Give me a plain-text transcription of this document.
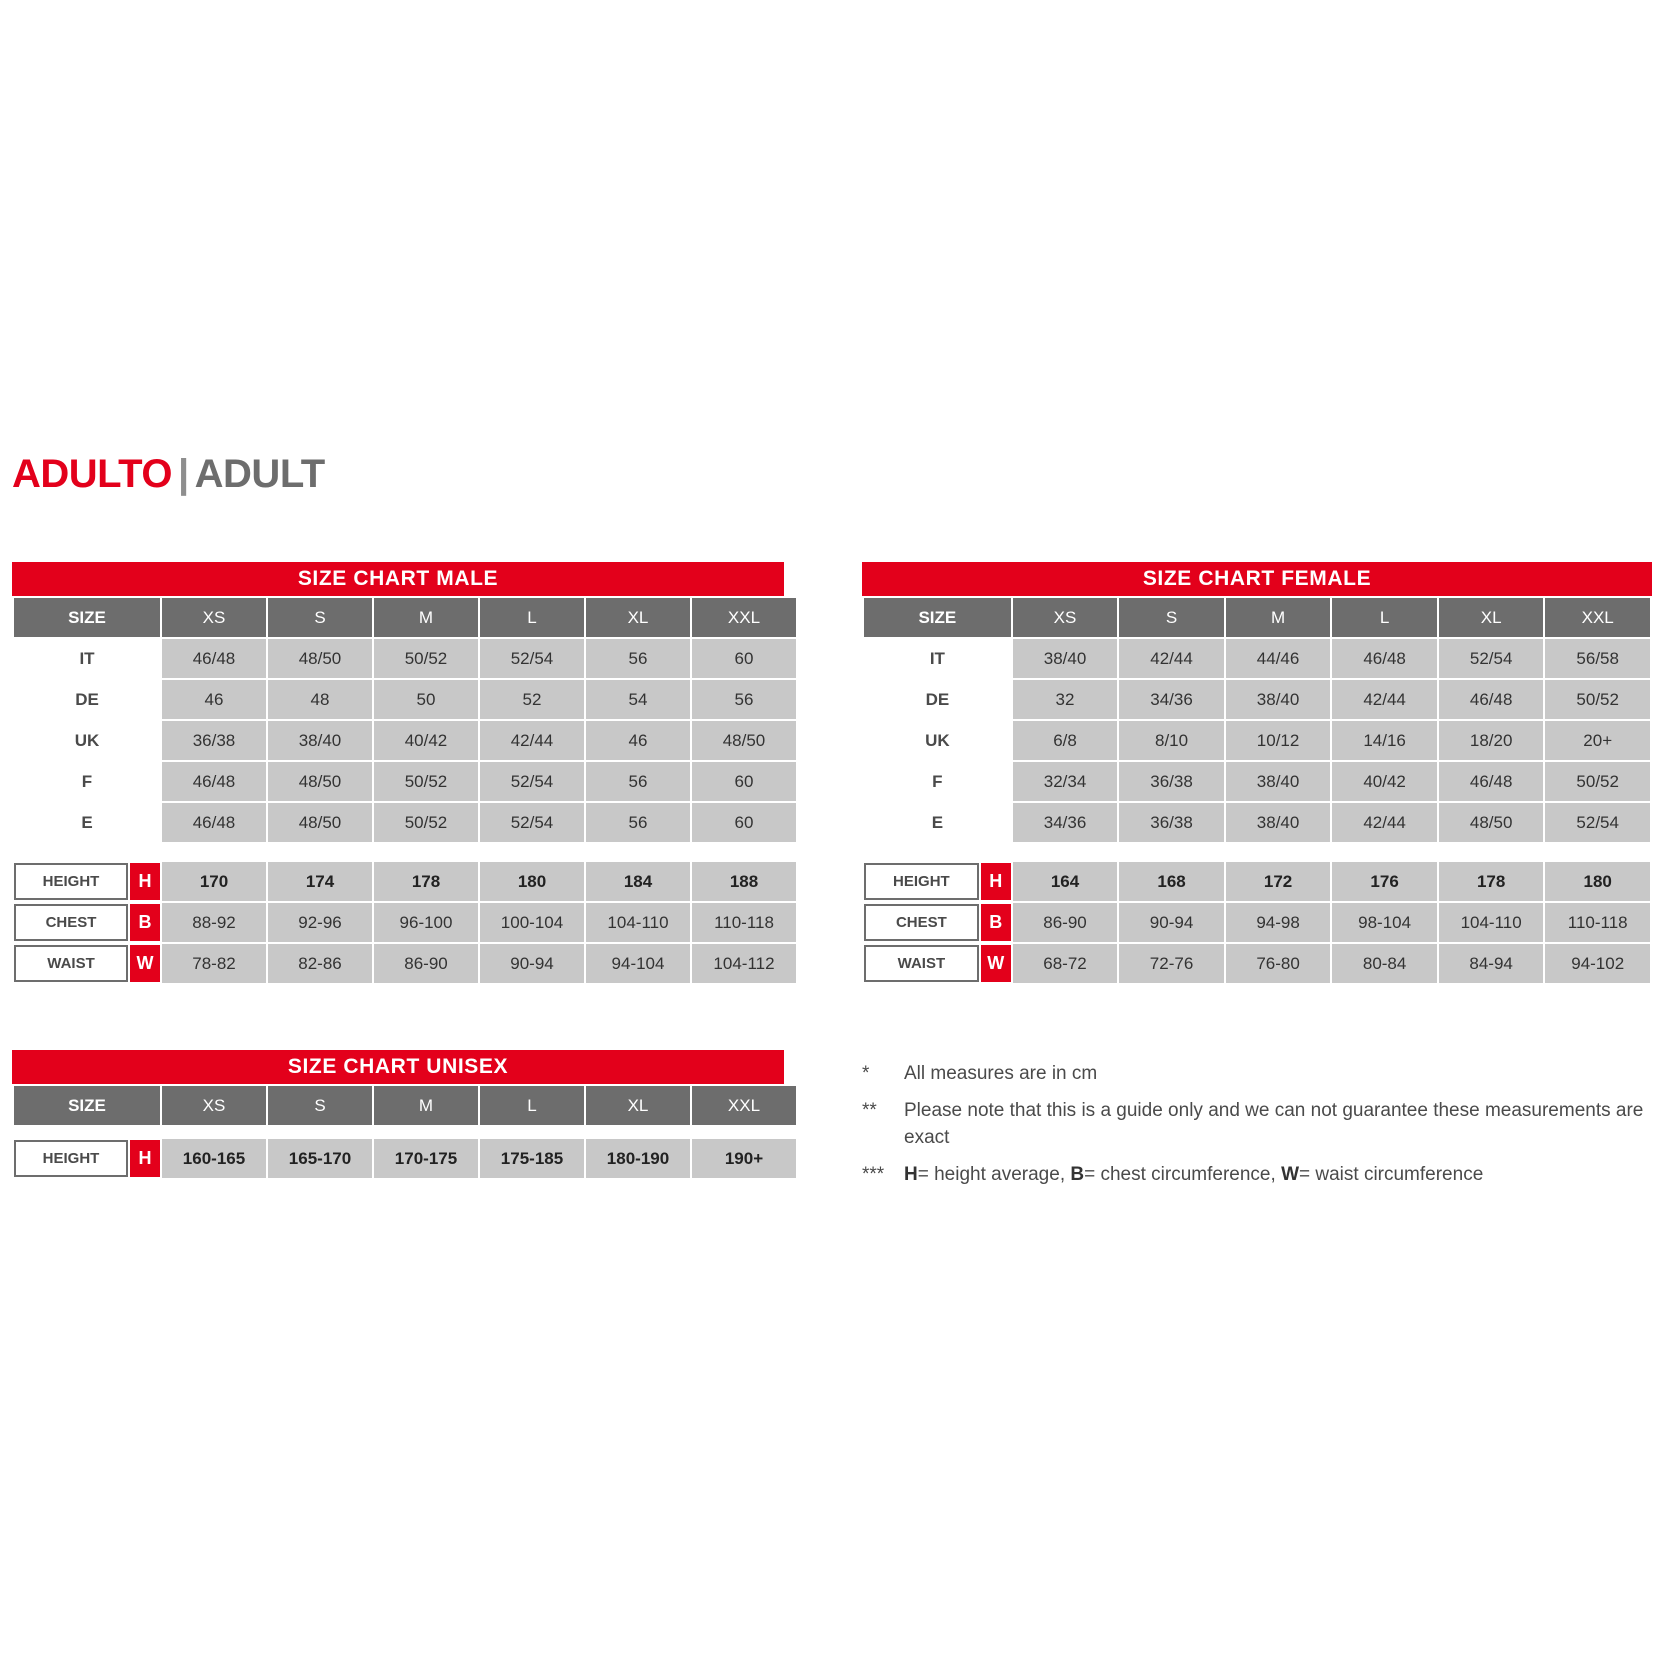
ADULTO | ADULT
SIZE CHART MALE
SIZE	XS	S	M	L	XL	XXL
IT	46/48	48/50	50/52	52/54	56	60
DE	46	48	50	52	54	56
UK	36/38	38/40	40/42	42/44	46	48/50
F	46/48	48/50	50/52	52/54	56	60
E	46/48	48/50	50/52	52/54	56	60

HEIGHT H	170	174	178	180	184	188

CHEST B	88-92	92-96	96-100	100-104	104-110	110-118

WAIST W	78-82	82-86	86-90	90-94	94-104	104-112
SIZE CHART FEMALE
SIZE	XS	S	M	L	XL	XXL
IT	38/40	42/44	44/46	46/48	52/54	56/58
DE	32	34/36	38/40	42/44	46/48	50/52
UK	6/8	8/10	10/12	14/16	18/20	20+
F	32/34	36/38	38/40	40/42	46/48	50/52
E	34/36	36/38	38/40	42/44	48/50	52/54

HEIGHT H	164	168	172	176	178	180

CHEST B	86-90	90-94	94-98	98-104	104-110	110-118

WAIST W	68-72	72-76	76-80	80-84	84-94	94-102
SIZE CHART UNISEX
SIZE	XS	S	M	L	XL	XXL

HEIGHT H	160-165	165-170	170-175	175-185	180-190	190+
*	All measures are in cm
**	Please note that this is a guide only and we can not guarantee these measurements are exact
***	H= height average, B= chest circumference, W= waist circumference
